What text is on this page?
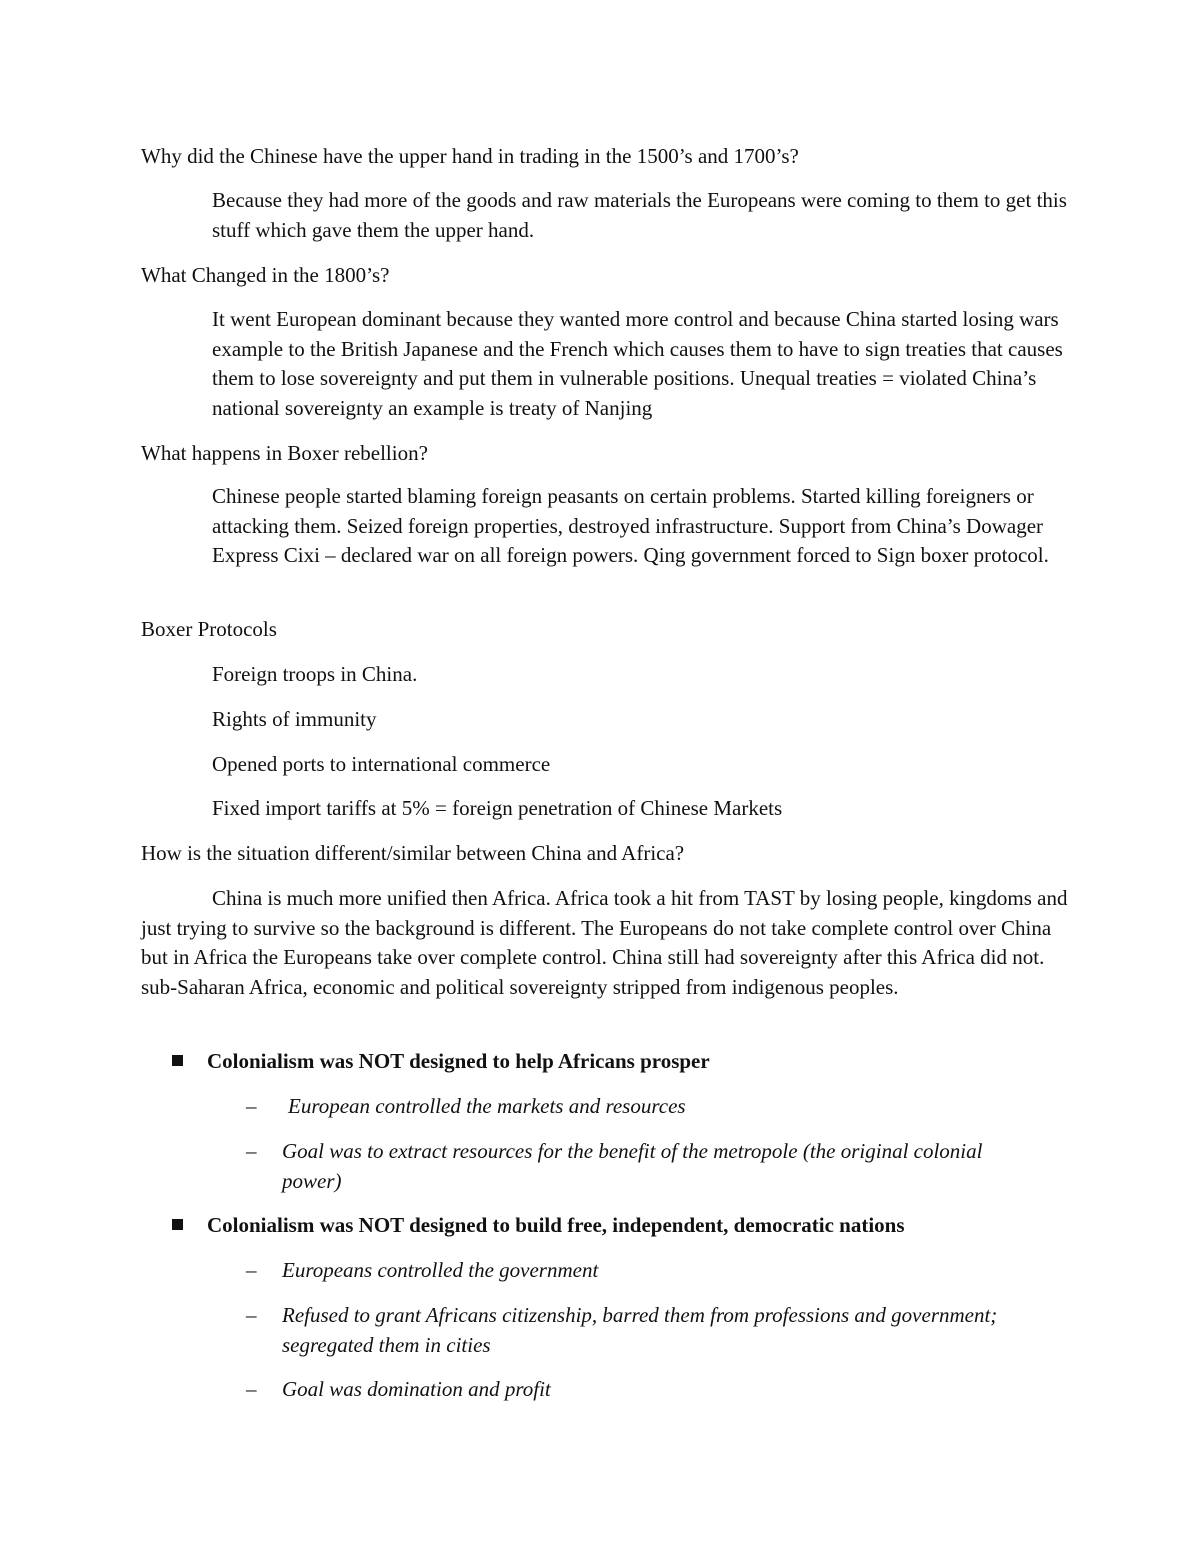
Why did the Chinese have the upper hand in trading in the 1500’s and 1700’s?

Because they had more of the goods and raw materials the Europeans were coming to them to get this stuff which gave them the upper hand.

What Changed in the 1800’s?

It went European dominant because they wanted more control and because China started losing wars example to the British Japanese and the French which causes them to have to sign treaties that causes them to lose sovereignty and put them in vulnerable positions. Unequal treaties = violated China’s national sovereignty an example is treaty of Nanjing

What happens in Boxer rebellion?

Chinese people started blaming foreign peasants on certain problems. Started killing foreigners or attacking them. Seized foreign properties, destroyed infrastructure. Support from China’s Dowager Express Cixi – declared war on all foreign powers. Qing government forced to Sign boxer protocol.

Boxer Protocols

Foreign troops in China.

Rights of immunity

Opened ports to international commerce

Fixed import tariffs at 5% = foreign penetration of Chinese Markets

How is the situation different/similar between China and Africa?

China is much more unified then Africa. Africa took a hit from TAST by losing people, kingdoms and just trying to survive so the background is different. The Europeans do not take complete control over China but in Africa the Europeans take over complete control. China still had sovereignty after this Africa did not. sub-Saharan Africa, economic and political sovereignty stripped from indigenous peoples.

Colonialism was NOT designed to help Africans prosper

– European controlled the markets and resources

– Goal was to extract resources for the benefit of the metropole (the original colonial power)

Colonialism was NOT designed to build free, independent, democratic nations

– Europeans controlled the government

– Refused to grant Africans citizenship, barred them from professions and government; segregated them in cities

– Goal was domination and profit
